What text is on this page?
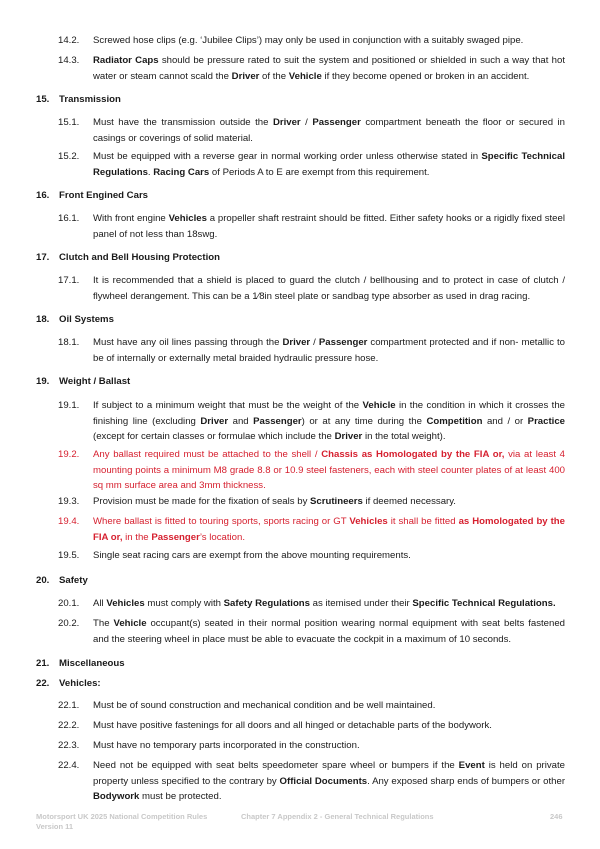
14.2.	Screwed hose clips (e.g. ‘Jubilee Clips’) may only be used in conjunction with a suitably swaged pipe.
14.3.	Radiator Caps should be pressure rated to suit the system and positioned or shielded in such a way that hot water or steam cannot scald the Driver of the Vehicle if they become opened or broken in an accident.
15. Transmission
15.1.	Must have the transmission outside the Driver / Passenger compartment beneath the floor or secured in casings or coverings of solid material.
15.2.	Must be equipped with a reverse gear in normal working order unless otherwise stated in Specific Technical Regulations. Racing Cars of Periods A to E are exempt from this requirement.
16. Front Engined Cars
16.1.	With front engine Vehicles a propeller shaft restraint should be fitted. Either safety hooks or a rigidly fixed steel panel of not less than 18swg.
17. Clutch and Bell Housing Protection
17.1.	It is recommended that a shield is placed to guard the clutch / bellhousing and to protect in case of clutch / flywheel derangement. This can be a 1⁄8in steel plate or sandbag type absorber as used in drag racing.
18. Oil Systems
18.1.	Must have any oil lines passing through the Driver / Passenger compartment protected and if non- metallic to be of internally or externally metal braided hydraulic pressure hose.
19. Weight / Ballast
19.1.	If subject to a minimum weight that must be the weight of the Vehicle in the condition in which it crosses the finishing line (excluding Driver and Passenger) or at any time during the Competition and / or Practice (except for certain classes or formulae which include the Driver in the total weight).
19.2.	Any ballast required must be attached to the shell / Chassis as Homologated by the FIA or, via at least 4 mounting points a minimum M8 grade 8.8 or 10.9 steel fasteners, each with steel counter plates of at least 400 sq mm surface area and 3mm thickness.
19.3.	Provision must be made for the fixation of seals by Scrutineers if deemed necessary.
19.4.	Where ballast is fitted to touring sports, sports racing or GT Vehicles it shall be fitted as Homologated by the FIA or, in the Passenger’s location.
19.5.	Single seat racing cars are exempt from the above mounting requirements.
20. Safety
20.1.	All Vehicles must comply with Safety Regulations as itemised under their Specific Technical Regulations.
20.2.	The Vehicle occupant(s) seated in their normal position wearing normal equipment with seat belts fastened and the steering wheel in place must be able to evacuate the cockpit in a maximum of 10 seconds.
21. Miscellaneous
22. Vehicles:
22.1.	Must be of sound construction and mechanical condition and be well maintained.
22.2.	Must have positive fastenings for all doors and all hinged or detachable parts of the bodywork.
22.3.	Must have no temporary parts incorporated in the construction.
22.4.	Need not be equipped with seat belts speedometer spare wheel or bumpers if the Event is held on private property unless specified to the contrary by Official Documents. Any exposed sharp ends of bumpers or other Bodywork must be protected.
Motorsport UK 2025 National Competition Rules
Version 11
Chapter 7 Appendix 2 - General Technical Regulations	246
